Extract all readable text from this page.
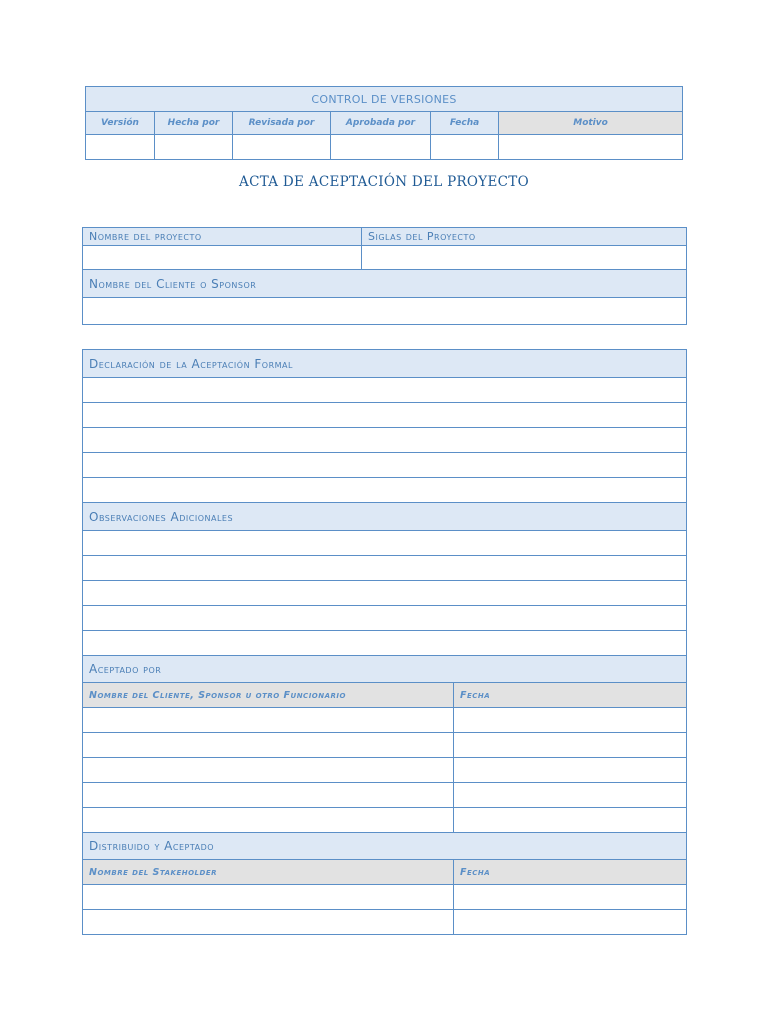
CONTROL DE VERSIONES					
Versión	Hecha por	Revisada por	Aprobada por	Fecha	Motivo

ACTA DE ACEPTACIÓN DEL PROYECTO
Nombre del proyecto	Siglas del Proyecto

Nombre del Cliente o Sponsor	

Declaración de la Aceptación Formal	

Observaciones Adicionales	

Aceptado por	
Nombre del Cliente, Sponsor u otro Funcionario	Fecha

Distribuido y Aceptado	
Nombre del Stakeholder	Fecha
